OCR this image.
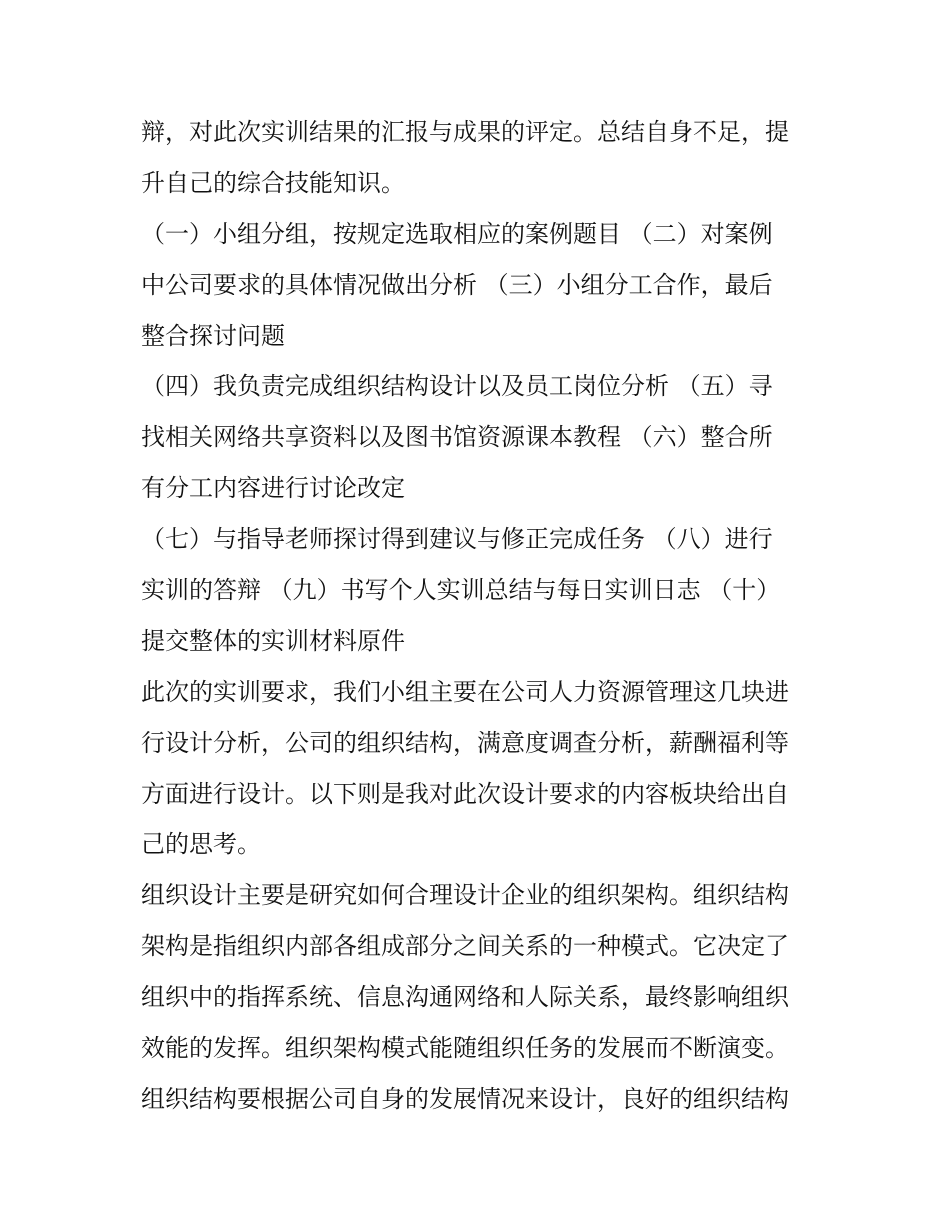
辩，对此次实训结果的汇报与成果的评定。总结自身不足，提
升自己的综合技能知识。
（一）小组分组，按规定选取相应的案例题目 （二）对案例
中公司要求的具体情况做出分析 （三）小组分工合作，最后
整合探讨问题
（四）我负责完成组织结构设计以及员工岗位分析 （五）寻
找相关网络共享资料以及图书馆资源课本教程 （六）整合所
有分工内容进行讨论改定
（七）与指导老师探讨得到建议与修正完成任务 （八）进行
实训的答辩 （九）书写个人实训总结与每日实训日志 （十）
提交整体的实训材料原件
此次的实训要求，我们小组主要在公司人力资源管理这几块进
行设计分析，公司的组织结构，满意度调查分析，薪酬福利等
方面进行设计。以下则是我对此次设计要求的内容板块给出自
己的思考。
组织设计主要是研究如何合理设计企业的组织架构。组织结构
架构是指组织内部各组成部分之间关系的一种模式。它决定了
组织中的指挥系统、信息沟通网络和人际关系，最终影响组织
效能的发挥。组织架构模式能随组织任务的发展而不断演变。
组织结构要根据公司自身的发展情况来设计，良好的组织结构
